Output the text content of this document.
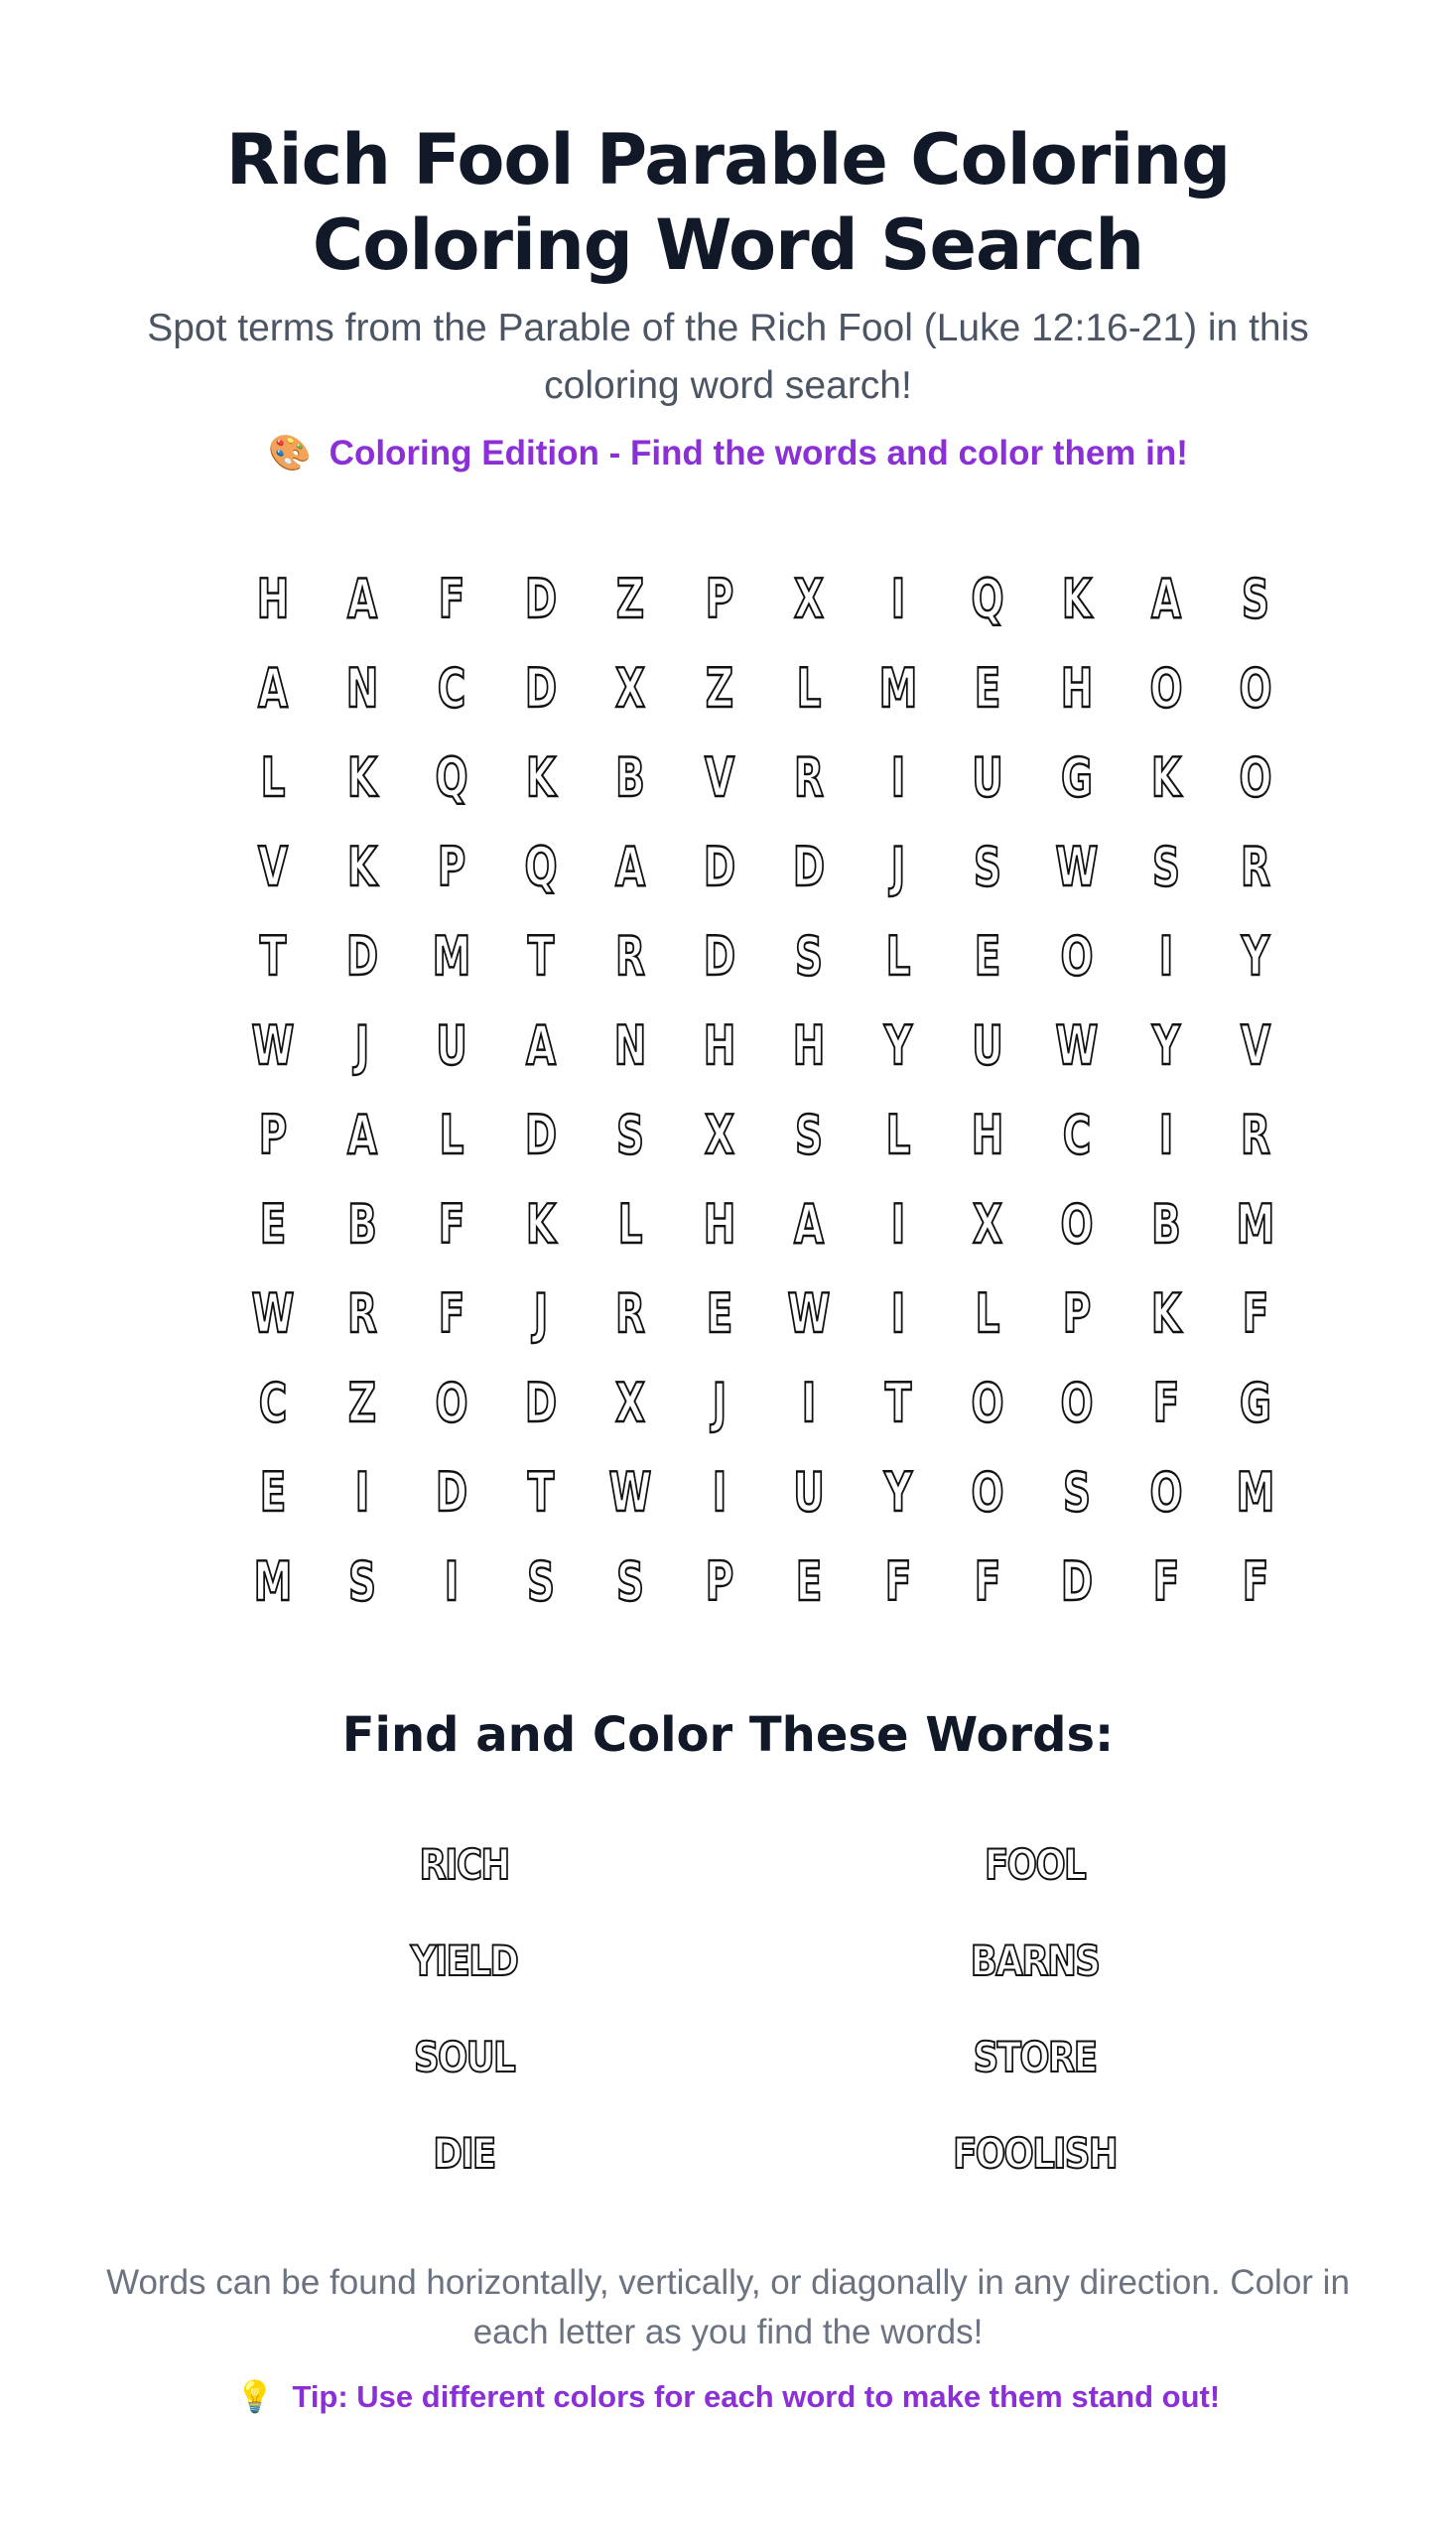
Rich Fool Parable Coloring Coloring Word Search

Spot terms from the Parable of the Rich Fool (Luke 12:16-21) in this coloring word search!

🎨 Coloring Edition - Find the words and color them in!
H	A	F	D	Z	P	X	I	Q	K	A	S
A	N	C	D	X	Z	L	M	E	H O O
L	K	Q	K	B	V	R	I	U	G	K	O
V	K	P	Q	A	D	D	J	S	W	S	R
T	D	M	T	R	D	S	L	E	O	I	Y
W	J	U	A	N H H	Y	U W	Y	V
P	A	L	D	S	X	S	L	H	C	I	R
E	B	F	K	L	H	A	I	X	O	B	M
W R	F	J	R	E	W	I	L	P	K	F
C	Z	O	D	X	J	I	T	O O	F	G
E	I	D	T	W	I	U	Y	O	S	O M
M	S	I	S	S	P	E	F	F	D	F	F
Find and Color These Words:
RICH	FOOL
YIELD	BARNS
SOUL	STORE
DIE	FOOLISH

Words can be found horizontally, vertically, or diagonally in any direction. Color in each letter as you find the words!

💡 Tip: Use different colors for each word to make them stand out!
